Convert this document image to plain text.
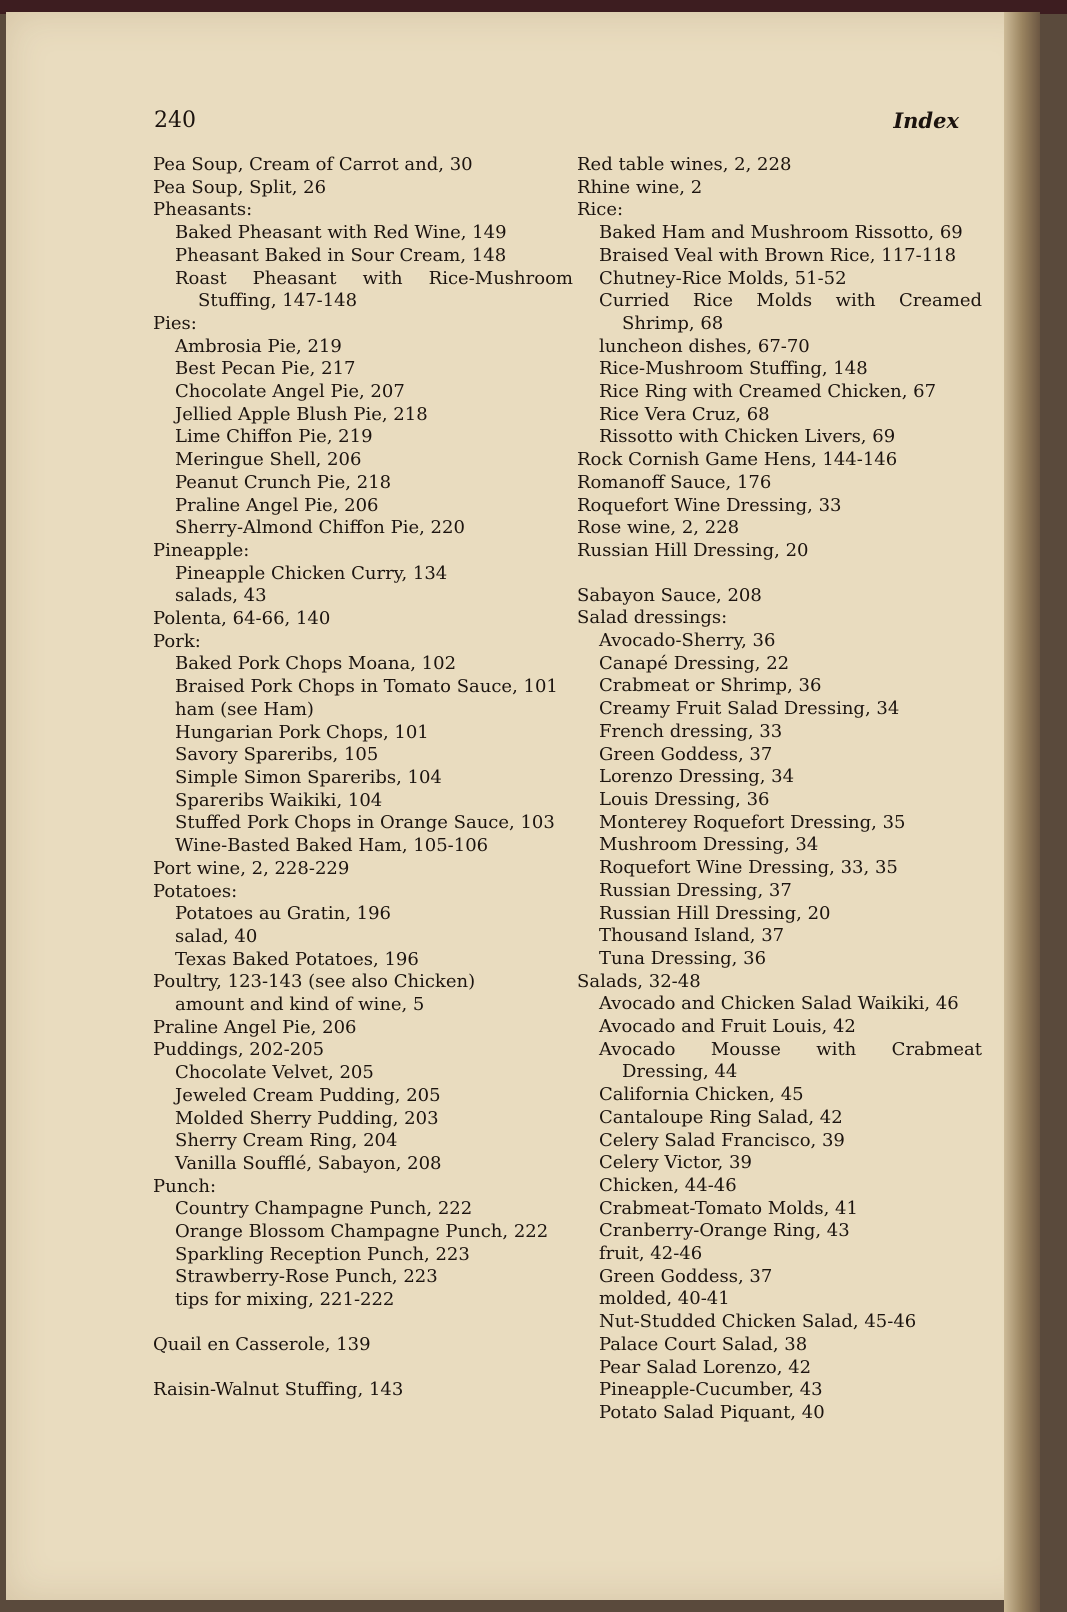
240	Index
Pea Soup, Cream of Carrot and, 30
Pea Soup, Split, 26
Pheasants:
Baked Pheasant with Red Wine, 149
Pheasant Baked in Sour Cream, 148
Roast Pheasant with Rice-Mushroom Stuffing, 147-148
Pies:
Ambrosia Pie, 219
Best Pecan Pie, 217
Chocolate Angel Pie, 207
Jellied Apple Blush Pie, 218
Lime Chiffon Pie, 219
Meringue Shell, 206
Peanut Crunch Pie, 218
Praline Angel Pie, 206
Sherry-Almond Chiffon Pie, 220
Pineapple:
Pineapple Chicken Curry, 134
salads, 43
Polenta, 64-66, 140
Pork:
Baked Pork Chops Moana, 102
Braised Pork Chops in Tomato Sauce, 101
ham (see Ham)
Hungarian Pork Chops, 101
Savory Spareribs, 105
Simple Simon Spareribs, 104
Spareribs Waikiki, 104
Stuffed Pork Chops in Orange Sauce, 103
Wine-Basted Baked Ham, 105-106
Port wine, 2, 228-229
Potatoes:
Potatoes au Gratin, 196
salad, 40
Texas Baked Potatoes, 196
Poultry, 123-143 (see also Chicken)
amount and kind of wine, 5
Praline Angel Pie, 206
Puddings, 202-205
Chocolate Velvet, 205
Jeweled Cream Pudding, 205
Molded Sherry Pudding, 203
Sherry Cream Ring, 204
Vanilla Soufflé, Sabayon, 208
Punch:
Country Champagne Punch, 222
Orange Blossom Champagne Punch, 222
Sparkling Reception Punch, 223
Strawberry-Rose Punch, 223
tips for mixing, 221-222
Quail en Casserole, 139
Raisin-Walnut Stuffing, 143
Red table wines, 2, 228
Rhine wine, 2
Rice:
Baked Ham and Mushroom Rissotto, 69
Braised Veal with Brown Rice, 117-118
Chutney-Rice Molds, 51-52
Curried Rice Molds with Creamed Shrimp, 68
luncheon dishes, 67-70
Rice-Mushroom Stuffing, 148
Rice Ring with Creamed Chicken, 67
Rice Vera Cruz, 68
Rissotto with Chicken Livers, 69
Rock Cornish Game Hens, 144-146
Romanoff Sauce, 176
Roquefort Wine Dressing, 33
Rose wine, 2, 228
Russian Hill Dressing, 20
Sabayon Sauce, 208
Salad dressings:
Avocado-Sherry, 36
Canapé Dressing, 22
Crabmeat or Shrimp, 36
Creamy Fruit Salad Dressing, 34
French dressing, 33
Green Goddess, 37
Lorenzo Dressing, 34
Louis Dressing, 36
Monterey Roquefort Dressing, 35
Mushroom Dressing, 34
Roquefort Wine Dressing, 33, 35
Russian Dressing, 37
Russian Hill Dressing, 20
Thousand Island, 37
Tuna Dressing, 36
Salads, 32-48
Avocado and Chicken Salad Waikiki, 46
Avocado and Fruit Louis, 42
Avocado Mousse with Crabmeat Dressing, 44
California Chicken, 45
Cantaloupe Ring Salad, 42
Celery Salad Francisco, 39
Celery Victor, 39
Chicken, 44-46
Crabmeat-Tomato Molds, 41
Cranberry-Orange Ring, 43
fruit, 42-46
Green Goddess, 37
molded, 40-41
Nut-Studded Chicken Salad, 45-46
Palace Court Salad, 38
Pear Salad Lorenzo, 42
Pineapple-Cucumber, 43
Potato Salad Piquant, 40
